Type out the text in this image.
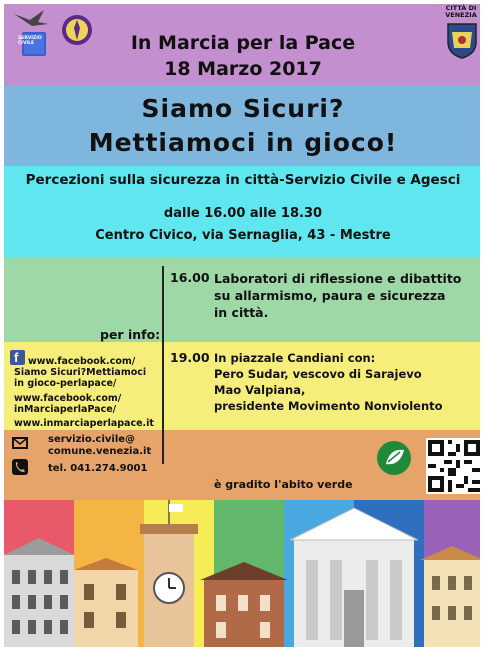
SERVIZIO CIVILE
CITTÀ DI VENEZIA
In Marcia per la Pace
18 Marzo 2017
Siamo Sicuri?
Mettiamoci in gioco!
Percezioni sulla sicurezza in città-Servizio Civile e Agesci
dalle 16.00 alle 18.30
Centro Civico, via Sernaglia, 43 - Mestre
16.00 Laboratori di riflessione e dibattito
su allarmismo, paura e sicurezza
in città.
per info:
19.00 In piazzale Candiani con:
Pero Sudar, vescovo di Sarajevo
Mao Valpiana,
presidente Movimento Nonviolento
f www.facebook.com/
Siamo Sicuri?Mettiamoci
in gioco-perlapace/
www.facebook.com/
inMarciaperlaPace/
www.inmarciaperlapace.it
servizio.civile@
comune.venezia.it
tel. 041.274.9001
è gradito l'abito verde
